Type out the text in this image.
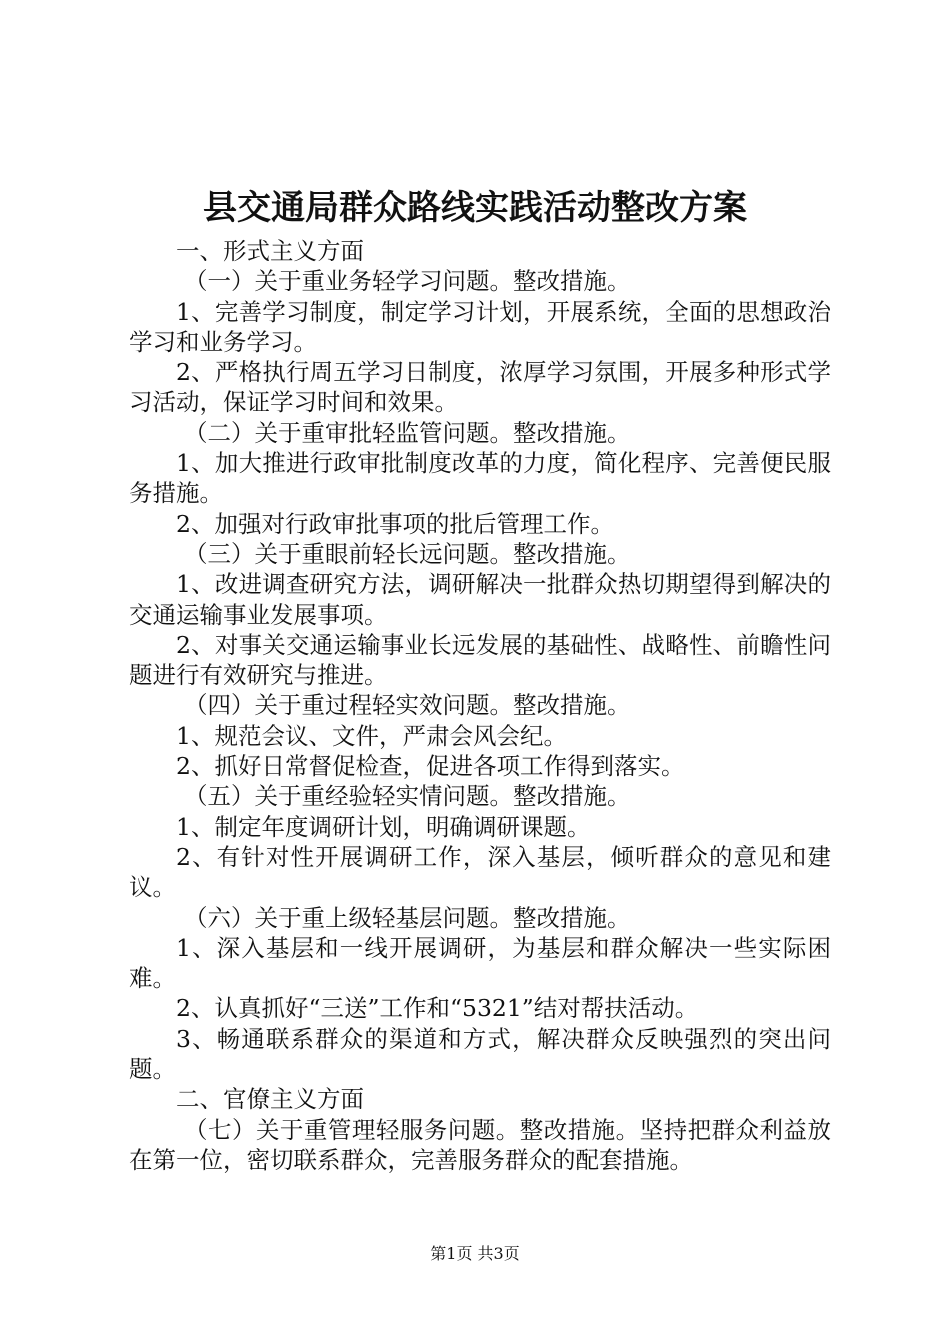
县交通局群众路线实践活动整改方案

一、形式主义方面

（一）关于重业务轻学习问题。整改措施。

1、完善学习制度，制定学习计划，开展系统，全面的思想政治学习和业务学习。

2、严格执行周五学习日制度，浓厚学习氛围，开展多种形式学习活动，保证学习时间和效果。

（二）关于重审批轻监管问题。整改措施。

1、加大推进行政审批制度改革的力度，简化程序、完善便民服务措施。

2、加强对行政审批事项的批后管理工作。

（三）关于重眼前轻长远问题。整改措施。

1、改进调查研究方法，调研解决一批群众热切期望得到解决的交通运输事业发展事项。

2、对事关交通运输事业长远发展的基础性、战略性、前瞻性问题进行有效研究与推进。

（四）关于重过程轻实效问题。整改措施。

1、规范会议、文件，严肃会风会纪。

2、抓好日常督促检查，促进各项工作得到落实。

（五）关于重经验轻实情问题。整改措施。

1、制定年度调研计划，明确调研课题。

2、有针对性开展调研工作，深入基层，倾听群众的意见和建议。

（六）关于重上级轻基层问题。整改措施。

1、深入基层和一线开展调研，为基层和群众解决一些实际困难。

2、认真抓好“三送”工作和“5321”结对帮扶活动。

3、畅通联系群众的渠道和方式，解决群众反映强烈的突出问题。

二、官僚主义方面

（七）关于重管理轻服务问题。整改措施。坚持把群众利益放在第一位，密切联系群众，完善服务群众的配套措施。

第1页 共3页
